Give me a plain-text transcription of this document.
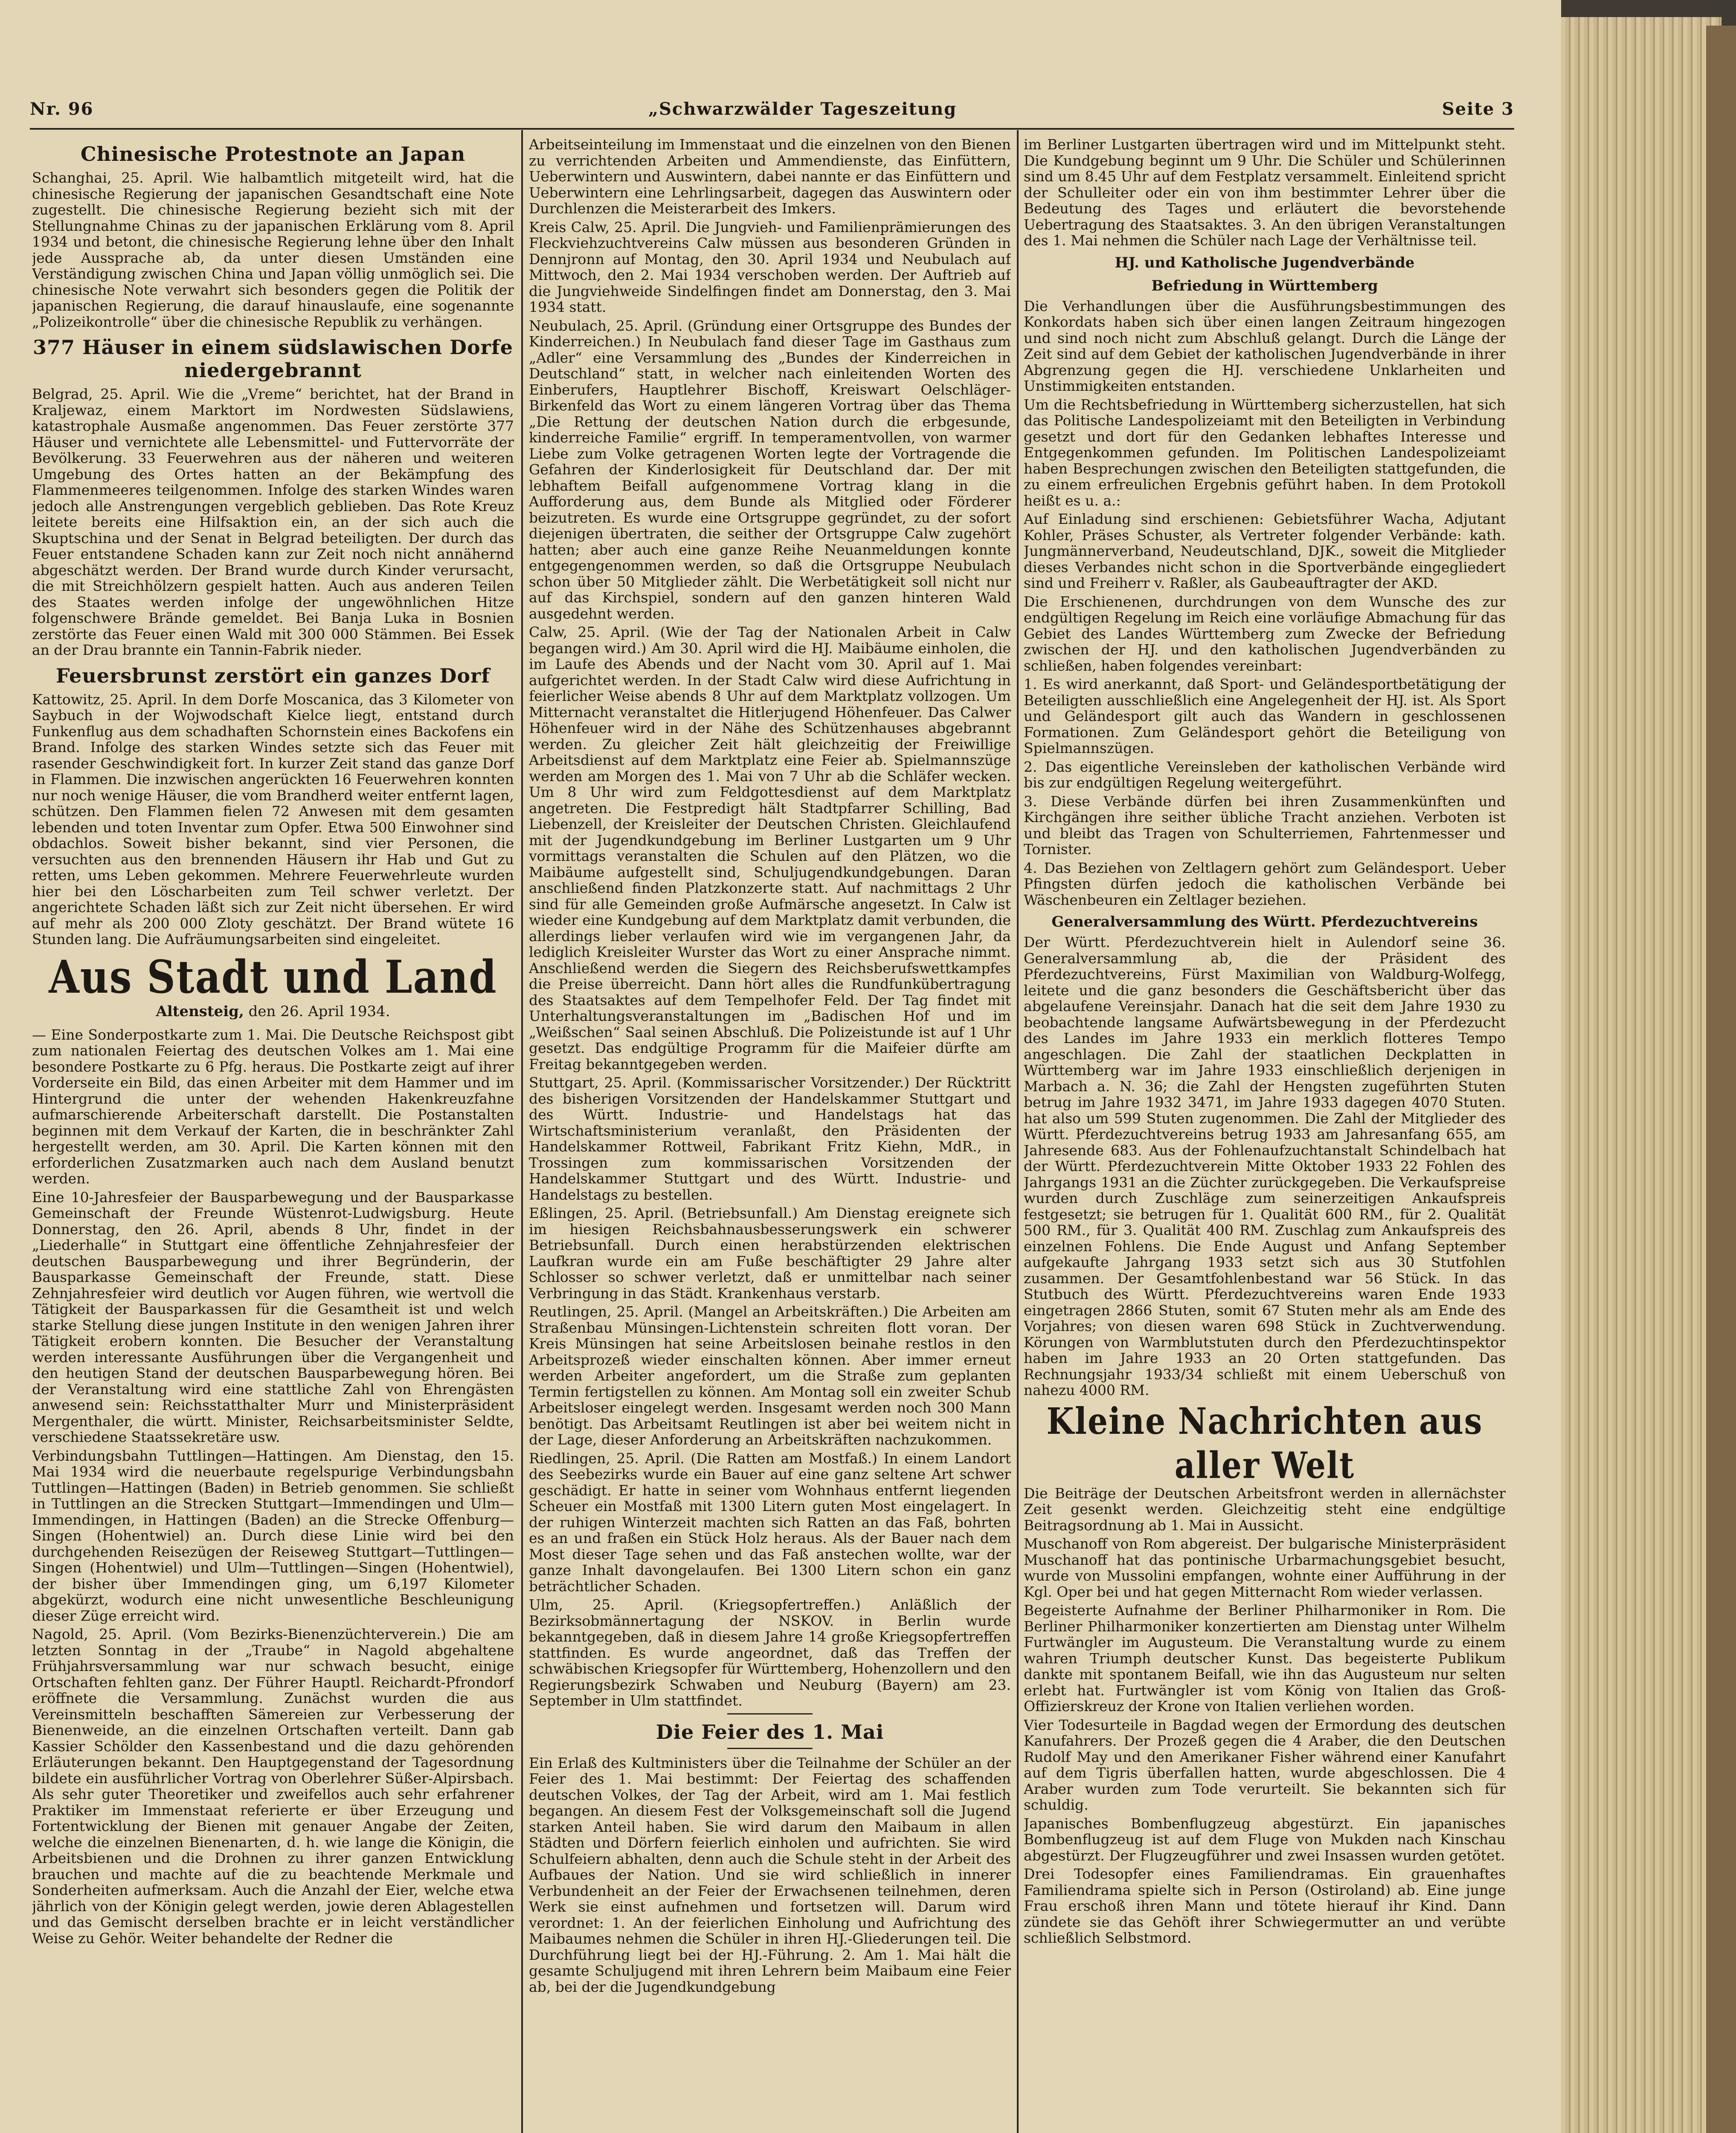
Nr. 96	„Schwarzwälder Tageszeitung	Seite 3
Chinesische Protestnote an Japan

Schanghai, 25. April. Wie halbamtlich mitgeteilt wird, hat die chinesische Regierung der japanischen Gesandtschaft eine Note zugestellt. Die chinesische Regierung bezieht sich mit der Stellungnahme Chinas zu der japanischen Erklärung vom 8. April 1934 und betont, die chinesische Regierung lehne über den Inhalt jede Aussprache ab, da unter diesen Umständen eine Verständigung zwischen China und Japan völlig unmöglich sei. Die chinesische Note verwahrt sich besonders gegen die Politik der japanischen Regierung, die darauf hinauslaufe, eine sogenannte „Polizeikontrolle“ über die chinesische Republik zu verhängen.

377 Häuser in einem südslawischen Dorfe niedergebrannt

Belgrad, 25. April. Wie die „Vreme“ berichtet, hat der Brand in Kraljewaz, einem Marktort im Nordwesten Südslawiens, katastrophale Ausmaße angenommen. Das Feuer zerstörte 377 Häuser und vernichtete alle Lebensmittel- und Futtervorräte der Bevölkerung. 33 Feuerwehren aus der näheren und weiteren Umgebung des Ortes hatten an der Bekämpfung des Flammenmeeres teilgenommen. Infolge des starken Windes waren jedoch alle Anstrengungen vergeblich geblieben. Das Rote Kreuz leitete bereits eine Hilfsaktion ein, an der sich auch die Skuptschina und der Senat in Belgrad beteiligten. Der durch das Feuer entstandene Schaden kann zur Zeit noch nicht annähernd abgeschätzt werden. Der Brand wurde durch Kinder verursacht, die mit Streichhölzern gespielt hatten. Auch aus anderen Teilen des Staates werden infolge der ungewöhnlichen Hitze folgenschwere Brände gemeldet. Bei Banja Luka in Bosnien zerstörte das Feuer einen Wald mit 300 000 Stämmen. Bei Essek an der Drau brannte ein Tannin-Fabrik nieder.

Feuersbrunst zerstört ein ganzes Dorf

Kattowitz, 25. April. In dem Dorfe Moscanica, das 3 Kilometer von Saybuch in der Wojwodschaft Kielce liegt, entstand durch Funkenflug aus dem schadhaften Schornstein eines Backofens ein Brand. Infolge des starken Windes setzte sich das Feuer mit rasender Geschwindigkeit fort. In kurzer Zeit stand das ganze Dorf in Flammen. Die inzwischen angerückten 16 Feuerwehren konnten nur noch wenige Häuser, die vom Brandherd weiter entfernt lagen, schützen. Den Flammen fielen 72 Anwesen mit dem gesamten lebenden und toten Inventar zum Opfer. Etwa 500 Einwohner sind obdachlos. Soweit bisher bekannt, sind vier Personen, die versuchten aus den brennenden Häusern ihr Hab und Gut zu retten, ums Leben gekommen. Mehrere Feuerwehrleute wurden hier bei den Löscharbeiten zum Teil schwer verletzt. Der angerichtete Schaden läßt sich zur Zeit nicht übersehen. Er wird auf mehr als 200 000 Zloty geschätzt. Der Brand wütete 16 Stunden lang. Die Aufräumungsarbeiten sind eingeleitet.

Aus Stadt und Land
Altensteig, den 26. April 1934.

— Eine Sonderpostkarte zum 1. Mai. Die Deutsche Reichspost gibt zum nationalen Feiertag des deutschen Volkes am 1. Mai eine besondere Postkarte zu 6 Pfg. heraus. Die Postkarte zeigt auf ihrer Vorderseite ein Bild, das einen Arbeiter mit dem Hammer und im Hintergrund die unter der wehenden Hakenkreuzfahne aufmarschierende Arbeiterschaft darstellt. Die Postanstalten beginnen mit dem Verkauf der Karten, die in beschränkter Zahl hergestellt werden, am 30. April. Die Karten können mit den erforderlichen Zusatzmarken auch nach dem Ausland benutzt werden.

Eine 10-Jahresfeier der Bausparbewegung und der Bausparkasse Gemeinschaft der Freunde Wüstenrot-Ludwigsburg. Heute Donnerstag, den 26. April, abends 8 Uhr, findet in der „Liederhalle“ in Stuttgart eine öffentliche Zehnjahresfeier der deutschen Bausparbewegung und ihrer Begründerin, der Bausparkasse Gemeinschaft der Freunde, statt. Diese Zehnjahresfeier wird deutlich vor Augen führen, wie wertvoll die Tätigkeit der Bausparkassen für die Gesamtheit ist und welch starke Stellung diese jungen Institute in den wenigen Jahren ihrer Tätigkeit erobern konnten. Die Besucher der Veranstaltung werden interessante Ausführungen über die Vergangenheit und den heutigen Stand der deutschen Bausparbewegung hören. Bei der Veranstaltung wird eine stattliche Zahl von Ehrengästen anwesend sein: Reichsstatthalter Murr und Ministerpräsident Mergenthaler, die württ. Minister, Reichsarbeitsminister Seldte, verschiedene Staatssekretäre usw.

Verbindungsbahn Tuttlingen—Hattingen. Am Dienstag, den 15. Mai 1934 wird die neuerbaute regelspurige Verbindungsbahn Tuttlingen—Hattingen (Baden) in Betrieb genommen. Sie schließt in Tuttlingen an die Strecken Stuttgart—Immendingen und Ulm—Immendingen, in Hattingen (Baden) an die Strecke Offenburg—Singen (Hohentwiel) an. Durch diese Linie wird bei den durchgehenden Reisezügen der Reiseweg Stuttgart—Tuttlingen—Singen (Hohentwiel) und Ulm—Tuttlingen—Singen (Hohentwiel), der bisher über Immendingen ging, um 6,197 Kilometer abgekürzt, wodurch eine nicht unwesentliche Beschleunigung dieser Züge erreicht wird.

Nagold, 25. April. (Vom Bezirks-Bienenzüchterverein.) Die am letzten Sonntag in der „Traube“ in Nagold abgehaltene Frühjahrsversammlung war nur schwach besucht, einige Ortschaften fehlten ganz. Der Führer Hauptl. Reichardt-Pfrondorf eröffnete die Versammlung. Zunächst wurden die aus Vereinsmitteln beschafften Sämereien zur Verbesserung der Bienenweide, an die einzelnen Ortschaften verteilt. Dann gab Kassier Schölder den Kassenbestand und die dazu gehörenden Erläuterungen bekannt. Den Hauptgegenstand der Tagesordnung bildete ein ausführlicher Vortrag von Oberlehrer Süßer-Alpirsbach. Als sehr guter Theoretiker und zweifellos auch sehr erfahrener Praktiker im Immenstaat referierte er über Erzeugung und Fortentwicklung der Bienen mit genauer Angabe der Zeiten, welche die einzelnen Bienenarten, d. h. wie lange die Königin, die Arbeitsbienen und die Drohnen zu ihrer ganzen Entwicklung brauchen und machte auf die zu beachtende Merkmale und Sonderheiten aufmerksam. Auch die Anzahl der Eier, welche etwa jährlich von der Königin gelegt werden, jowie deren Ablagestellen und das Gemischt derselben brachte er in leicht verständlicher Weise zu Gehör. Weiter behandelte der Redner die

Arbeitseinteilung im Immenstaat und die einzelnen von den Bienen zu verrichtenden Arbeiten und Ammendienste, das Einfüttern, Ueberwintern und Auswintern, dabei nannte er das Einfüttern und Ueberwintern eine Lehrlingsarbeit, dagegen das Auswintern oder Durchlenzen die Meisterarbeit des Imkers.

Kreis Calw, 25. April. Die Jungvieh- und Familienprämierungen des Fleckviehzuchtvereins Calw müssen aus besonderen Gründen in Dennjronn auf Montag, den 30. April 1934 und Neubulach auf Mittwoch, den 2. Mai 1934 verschoben werden. Der Auftrieb auf die Jungviehweide Sindelfingen findet am Donnerstag, den 3. Mai 1934 statt.

Neubulach, 25. April. (Gründung einer Ortsgruppe des Bundes der Kinderreichen.) In Neubulach fand dieser Tage im Gasthaus zum „Adler“ eine Versammlung des „Bundes der Kinderreichen in Deutschland“ statt, in welcher nach einleitenden Worten des Einberufers, Hauptlehrer Bischoff, Kreiswart Oelschläger-Birkenfeld das Wort zu einem längeren Vortrag über das Thema „Die Rettung der deutschen Nation durch die erbgesunde, kinderreiche Familie“ ergriff. In temperamentvollen, von warmer Liebe zum Volke getragenen Worten legte der Vortragende die Gefahren der Kinderlosigkeit für Deutschland dar. Der mit lebhaftem Beifall aufgenommene Vortrag klang in die Aufforderung aus, dem Bunde als Mitglied oder Förderer beizutreten. Es wurde eine Ortsgruppe gegründet, zu der sofort diejenigen übertraten, die seither der Ortsgruppe Calw zugehört hatten; aber auch eine ganze Reihe Neuanmeldungen konnte entgegengenommen werden, so daß die Ortsgruppe Neubulach schon über 50 Mitglieder zählt. Die Werbetätigkeit soll nicht nur auf das Kirchspiel, sondern auf den ganzen hinteren Wald ausgedehnt werden.

Calw, 25. April. (Wie der Tag der Nationalen Arbeit in Calw begangen wird.) Am 30. April wird die HJ. Maibäume einholen, die im Laufe des Abends und der Nacht vom 30. April auf 1. Mai aufgerichtet werden. In der Stadt Calw wird diese Aufrichtung in feierlicher Weise abends 8 Uhr auf dem Marktplatz vollzogen. Um Mitternacht veranstaltet die Hitlerjugend Höhenfeuer. Das Calwer Höhenfeuer wird in der Nähe des Schützenhauses abgebrannt werden. Zu gleicher Zeit hält gleichzeitig der Freiwillige Arbeitsdienst auf dem Marktplatz eine Feier ab. Spielmannszüge werden am Morgen des 1. Mai von 7 Uhr ab die Schläfer wecken. Um 8 Uhr wird zum Feldgottesdienst auf dem Marktplatz angetreten. Die Festpredigt hält Stadtpfarrer Schilling, Bad Liebenzell, der Kreisleiter der Deutschen Christen. Gleichlaufend mit der Jugendkundgebung im Berliner Lustgarten um 9 Uhr vormittags veranstalten die Schulen auf den Plätzen, wo die Maibäume aufgestellt sind, Schuljugendkundgebungen. Daran anschließend finden Platzkonzerte statt. Auf nachmittags 2 Uhr sind für alle Gemeinden große Aufmärsche angesetzt. In Calw ist wieder eine Kundgebung auf dem Marktplatz damit verbunden, die allerdings lieber verlaufen wird wie im vergangenen Jahr, da lediglich Kreisleiter Wurster das Wort zu einer Ansprache nimmt. Anschließend werden die Siegern des Reichsberufswettkampfes die Preise überreicht. Dann hört alles die Rundfunkübertragung des Staatsaktes auf dem Tempelhofer Feld. Der Tag findet mit Unterhaltungsveranstaltungen im „Badischen Hof und im „Weißschen“ Saal seinen Abschluß. Die Polizeistunde ist auf 1 Uhr gesetzt. Das endgültige Programm für die Maifeier dürfte am Freitag bekanntgegeben werden.

Stuttgart, 25. April. (Kommissarischer Vorsitzender.) Der Rücktritt des bisherigen Vorsitzenden der Handelskammer Stuttgart und des Württ. Industrie- und Handelstags hat das Wirtschaftsministerium veranlaßt, den Präsidenten der Handelskammer Rottweil, Fabrikant Fritz Kiehn, MdR., in Trossingen zum kommissarischen Vorsitzenden der Handelskammer Stuttgart und des Württ. Industrie- und Handelstags zu bestellen.

Eßlingen, 25. April. (Betriebsunfall.) Am Dienstag ereignete sich im hiesigen Reichsbahnausbesserungswerk ein schwerer Betriebsunfall. Durch einen herabstürzenden elektrischen Laufkran wurde ein am Fuße beschäftigter 29 Jahre alter Schlosser so schwer verletzt, daß er unmittelbar nach seiner Verbringung in das Städt. Krankenhaus verstarb.

Reutlingen, 25. April. (Mangel an Arbeitskräften.) Die Arbeiten am Straßenbau Münsingen-Lichtenstein schreiten flott voran. Der Kreis Münsingen hat seine Arbeitslosen beinahe restlos in den Arbeitsprozeß wieder einschalten können. Aber immer erneut werden Arbeiter angefordert, um die Straße zum geplanten Termin fertigstellen zu können. Am Montag soll ein zweiter Schub Arbeitsloser eingelegt werden. Insgesamt werden noch 300 Mann benötigt. Das Arbeitsamt Reutlingen ist aber bei weitem nicht in der Lage, dieser Anforderung an Arbeitskräften nachzukommen.

Riedlingen, 25. April. (Die Ratten am Mostfaß.) In einem Landort des Seebezirks wurde ein Bauer auf eine ganz seltene Art schwer geschädigt. Er hatte in seiner vom Wohnhaus entfernt liegenden Scheuer ein Mostfaß mit 1300 Litern guten Most eingelagert. In der ruhigen Winterzeit machten sich Ratten an das Faß, bohrten es an und fraßen ein Stück Holz heraus. Als der Bauer nach dem Most dieser Tage sehen und das Faß anstechen wollte, war der ganze Inhalt davongelaufen. Bei 1300 Litern schon ein ganz beträchtlicher Schaden.

Ulm, 25. April. (Kriegsopfertreffen.) Anläßlich der Bezirksobmännertagung der NSKOV. in Berlin wurde bekanntgegeben, daß in diesem Jahre 14 große Kriegsopfertreffen stattfinden. Es wurde angeordnet, daß das Treffen der schwäbischen Kriegsopfer für Württemberg, Hohenzollern und den Regierungsbezirk Schwaben und Neuburg (Bayern) am 23. September in Ulm stattfindet.

Die Feier des 1. Mai

Ein Erlaß des Kultministers über die Teilnahme der Schüler an der Feier des 1. Mai bestimmt: Der Feiertag des schaffenden deutschen Volkes, der Tag der Arbeit, wird am 1. Mai festlich begangen. An diesem Fest der Volksgemeinschaft soll die Jugend starken Anteil haben. Sie wird darum den Maibaum in allen Städten und Dörfern feierlich einholen und aufrichten. Sie wird Schulfeiern abhalten, denn auch die Schule steht in der Arbeit des Aufbaues der Nation. Und sie wird schließlich in innerer Verbundenheit an der Feier der Erwachsenen teilnehmen, deren Werk sie einst aufnehmen und fortsetzen will. Darum wird verordnet: 1. An der feierlichen Einholung und Aufrichtung des Maibaumes nehmen die Schüler in ihren HJ.-Gliederungen teil. Die Durchführung liegt bei der HJ.-Führung. 2. Am 1. Mai hält die gesamte Schuljugend mit ihren Lehrern beim Maibaum eine Feier ab, bei der die Jugendkundgebung

im Berliner Lustgarten übertragen wird und im Mittelpunkt steht. Die Kundgebung beginnt um 9 Uhr. Die Schüler und Schülerinnen sind um 8.45 Uhr auf dem Festplatz versammelt. Einleitend spricht der Schulleiter oder ein von ihm bestimmter Lehrer über die Bedeutung des Tages und erläutert die bevorstehende Uebertragung des Staatsaktes. 3. An den übrigen Veranstaltungen des 1. Mai nehmen die Schüler nach Lage der Verhältnisse teil.

HJ. und Katholische Jugendverbände
Befriedung in Württemberg

Die Verhandlungen über die Ausführungsbestimmungen des Konkordats haben sich über einen langen Zeitraum hingezogen und sind noch nicht zum Abschluß gelangt. Durch die Länge der Zeit sind auf dem Gebiet der katholischen Jugendverbände in ihrer Abgrenzung gegen die HJ. verschiedene Unklarheiten und Unstimmigkeiten entstanden.

Um die Rechtsbefriedung in Württemberg sicherzustellen, hat sich das Politische Landespolizeiamt mit den Beteiligten in Verbindung gesetzt und dort für den Gedanken lebhaftes Interesse und Entgegenkommen gefunden. Im Politischen Landespolizeiamt haben Besprechungen zwischen den Beteiligten stattgefunden, die zu einem erfreulichen Ergebnis geführt haben. In dem Protokoll heißt es u. a.:

Auf Einladung sind erschienen: Gebietsführer Wacha, Adjutant Kohler, Präses Schuster, als Vertreter folgender Verbände: kath. Jungmännerverband, Neudeutschland, DJK., soweit die Mitglieder dieses Verbandes nicht schon in die Sportverbände eingegliedert sind und Freiherr v. Raßler, als Gaubeauftragter der AKD.

Die Erschienenen, durchdrungen von dem Wunsche des zur endgültigen Regelung im Reich eine vorläufige Abmachung für das Gebiet des Landes Württemberg zum Zwecke der Befriedung zwischen der HJ. und den katholischen Jugendverbänden zu schließen, haben folgendes vereinbart:

1. Es wird anerkannt, daß Sport- und Geländesportbetätigung der Beteiligten ausschließlich eine Angelegenheit der HJ. ist. Als Sport und Geländesport gilt auch das Wandern in geschlossenen Formationen. Zum Geländesport gehört die Beteiligung von Spielmannszügen.

2. Das eigentliche Vereinsleben der katholischen Verbände wird bis zur endgültigen Regelung weitergeführt.

3. Diese Verbände dürfen bei ihren Zusammenkünften und Kirchgängen ihre seither übliche Tracht anziehen. Verboten ist und bleibt das Tragen von Schulterriemen, Fahrtenmesser und Tornister.

4. Das Beziehen von Zeltlagern gehört zum Geländesport. Ueber Pfingsten dürfen jedoch die katholischen Verbände bei Wäschenbeuren ein Zeltlager beziehen.

Generalversammlung des Württ. Pferdezuchtvereins

Der Württ. Pferdezuchtverein hielt in Aulendorf seine 36. Generalversammlung ab, die der Präsident des Pferdezuchtvereins, Fürst Maximilian von Waldburg-Wolfegg, leitete und die ganz besonders die Geschäftsbericht über das abgelaufene Vereinsjahr. Danach hat die seit dem Jahre 1930 zu beobachtende langsame Aufwärtsbewegung in der Pferdezucht des Landes im Jahre 1933 ein merklich flotteres Tempo angeschlagen. Die Zahl der staatlichen Deckplatten in Württemberg war im Jahre 1933 einschließlich derjenigen in Marbach a. N. 36; die Zahl der Hengsten zugeführten Stuten betrug im Jahre 1932 3471, im Jahre 1933 dagegen 4070 Stuten. hat also um 599 Stuten zugenommen. Die Zahl der Mitglieder des Württ. Pferdezuchtvereins betrug 1933 am Jahresanfang 655, am Jahresende 683. Aus der Fohlenaufzuchtanstalt Schindelbach hat der Württ. Pferdezuchtverein Mitte Oktober 1933 22 Fohlen des Jahrgangs 1931 an die Züchter zurückgegeben. Die Verkaufspreise wurden durch Zuschläge zum seinerzeitigen Ankaufspreis festgesetzt; sie betrugen für 1. Qualität 600 RM., für 2. Qualität 500 RM., für 3. Qualität 400 RM. Zuschlag zum Ankaufspreis des einzelnen Fohlens. Die Ende August und Anfang September aufgekaufte Jahrgang 1933 setzt sich aus 30 Stutfohlen zusammen. Der Gesamtfohlenbestand war 56 Stück. In das Stutbuch des Württ. Pferdezuchtvereins waren Ende 1933 eingetragen 2866 Stuten, somit 67 Stuten mehr als am Ende des Vorjahres; von diesen waren 698 Stück in Zuchtverwendung. Körungen von Warmblutstuten durch den Pferdezuchtinspektor haben im Jahre 1933 an 20 Orten stattgefunden. Das Rechnungsjahr 1933/34 schließt mit einem Ueberschuß von nahezu 4000 RM.

Kleine Nachrichten aus aller Welt

Die Beiträge der Deutschen Arbeitsfront werden in allernächster Zeit gesenkt werden. Gleichzeitig steht eine endgültige Beitragsordnung ab 1. Mai in Aussicht.

Muschanoff von Rom abgereist. Der bulgarische Ministerpräsident Muschanoff hat das pontinische Urbarmachungsgebiet besucht, wurde von Mussolini empfangen, wohnte einer Aufführung in der Kgl. Oper bei und hat gegen Mitternacht Rom wieder verlassen.

Begeisterte Aufnahme der Berliner Philharmoniker in Rom. Die Berliner Philharmoniker konzertierten am Dienstag unter Wilhelm Furtwängler im Augusteum. Die Veranstaltung wurde zu einem wahren Triumph deutscher Kunst. Das begeisterte Publikum dankte mit spontanem Beifall, wie ihn das Augusteum nur selten erlebt hat. Furtwängler ist vom König von Italien das Groß-Offizierskreuz der Krone von Italien verliehen worden.

Vier Todesurteile in Bagdad wegen der Ermordung des deutschen Kanufahrers. Der Prozeß gegen die 4 Araber, die den Deutschen Rudolf May und den Amerikaner Fisher während einer Kanufahrt auf dem Tigris überfallen hatten, wurde abgeschlossen. Die 4 Araber wurden zum Tode verurteilt. Sie bekannten sich für schuldig.

Japanisches Bombenflugzeug abgestürzt. Ein japanisches Bombenflugzeug ist auf dem Fluge von Mukden nach Kinschau abgestürzt. Der Flugzeugführer und zwei Insassen wurden getötet.

Drei Todesopfer eines Familiendramas. Ein grauenhaftes Familiendrama spielte sich in Person (Ostiroland) ab. Eine junge Frau erschoß ihren Mann und tötete hierauf ihr Kind. Dann zündete sie das Gehöft ihrer Schwiegermutter an und verübte schließlich Selbstmord.
